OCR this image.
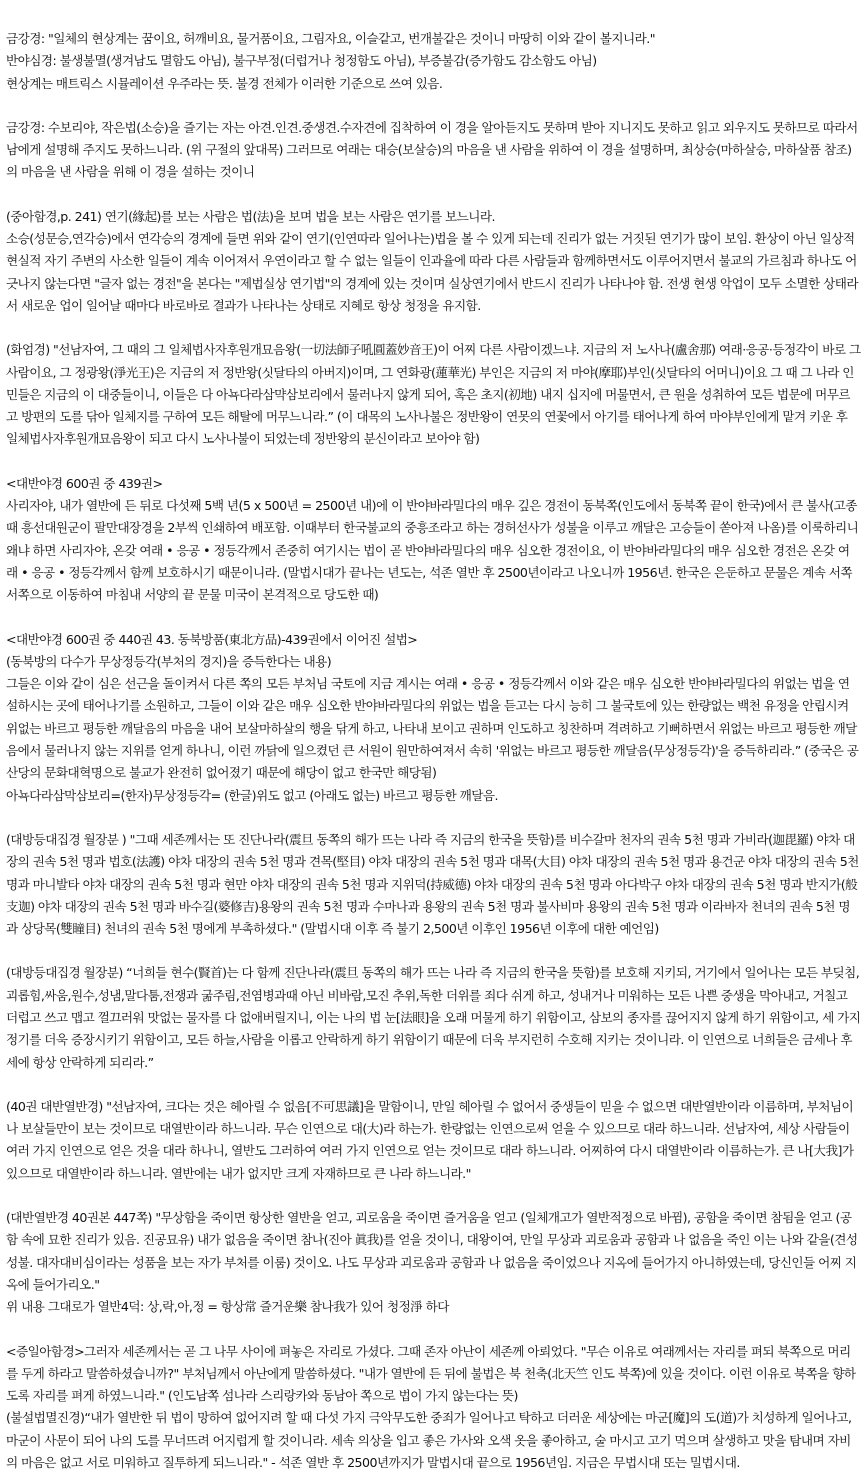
금강경: "일체의 현상계는 꿈이요, 허깨비요, 물거품이요, 그림자요, 이슬같고, 번개불같은 것이니 마땅히 이와 같이 볼지니라."
반야심경: 불생불멸(생겨남도 멸함도 아님), 불구부정(더럽거나 청정함도 아님), 부증불감(증가함도 감소함도 아님)
현상계는 매트릭스 시뮬레이션 우주라는 뜻. 불경 전체가 이러한 기준으로 쓰여 있음.

금강경: 수보리야, 작은법(소승)을 즐기는 자는 아견.인견.중생견.수자견에 집착하여 이 경을 알아듣지도 못하며 받아 지니지도 못하고 읽고 외우지도 못하므로 따라서 남에게 설명해 주지도 못하느니라. (위 구절의 앞대목) 그러므로 여래는 대승(보살승)의 마음을 낸 사람을 위하여 이 경을 설명하며, 최상승(마하살승, 마하살품 참조)의 마음을 낸 사람을 위해 이 경을 설하는 것이니

(중아함경,p. 241) 연기(緣起)를 보는 사람은 법(法)을 보며 법을 보는 사람은 연기를 보느니라.
소승(성문승,연각승)에서 연각승의 경계에 들면 위와 같이 연기(인연따라 일어나는)법을 볼 수 있게 되는데 진리가 없는 거짓된 연기가 많이 보임. 환상이 아닌 일상적 현실적 자기 주변의 사소한 일들이 계속 이어져서 우연이라고 할 수 없는 일들이 인과율에 따라 다른 사람들과 함께하면서도 이루어지면서 불교의 가르침과 하나도 어긋나지 않는다면 "글자 없는 경전"을 본다는 "제법실상 연기법"의 경계에 있는 것이며 실상연기에서 반드시 진리가 나타나야 함. 전생 현생 악업이 모두 소멸한 상태라서 새로운 업이 일어날 때마다 바로바로 결과가 나타나는 상태로 지혜로 항상 청정을 유지함.

(화엄경) "선남자여, 그 때의 그 일체법사자후원개묘음왕(一切法師子吼圓蓋妙音王)이 어찌 다른 사람이겠느냐. 지금의 저 노사나(盧舍那) 여래·응공·등정각이 바로 그 사람이요, 그 정광왕(淨光王)은 지금의 저 정반왕(싯달타의 아버지)이며, 그 연화광(蓮華光) 부인은 지금의 저 마야(摩耶)부인(싯달타의 어머니)이요 그 때 그 나라 인민들은 지금의 이 대중들이니, 이들은 다 아뇩다라삼먁삼보리에서 물러나지 않게 되어, 혹은 초지(初地) 내지 십지에 머물면서, 큰 원을 성취하여 모든 법문에 머무르고 방편의 도를 닦아 일체지를 구하여 모든 해탈에 머무느니라.” (이 대목의 노사나불은 정반왕이 연못의 연꽃에서 아기를 태어나게 하여 마야부인에게 맡겨 키운 후 일체법사자후원개묘음왕이 되고 다시 노사나불이 되었는데 정반왕의 분신이라고 보아야 함)

<대반야경 600권 중 439권>
사리자야, 내가 열반에 든 뒤로 다섯째 5백 년(5 x 500년 = 2500년 내)에 이 반야바라밀다의 매우 깊은 경전이 동북쪽(인도에서 동북쪽 끝이 한국)에서 큰 불사(고종 때 흥선대원군이 팔만대장경을 2부씩 인쇄하여 배포함. 이때부터 한국불교의 중흥조라고 하는 경허선사가 성불을 이루고 깨달은 고승들이 쏟아져 나옴)를 이룩하리니 왜냐 하면 사리자야, 온갖 여래 • 응공 • 정등각께서 존중히 여기시는 법이 곧 반야바라밀다의 매우 심오한 경전이요, 이 반야바라밀다의 매우 심오한 경전은 온갖 여래 • 응공 • 정등각께서 함께 보호하시기 때문이니라. (말법시대가 끝나는 년도는, 석존 열반 후 2500년이라고 나오니까 1956년. 한국은 은둔하고 문물은 계속 서쪽 서쪽으로 이동하여 마침내 서양의 끝 문물 미국이 본격적으로 당도한 때)

<대반야경 600권 중 440권 43. 동북방품(東北方品)-439권에서 이어진 설법>
(동북방의 다수가 무상정등각(부처의 경지)을 증득한다는 내용)
그들은 이와 같이 심은 선근을 돌이켜서 다른 쪽의 모든 부처님 국토에 지금 계시는 여래 • 응공 • 정등각께서 이와 같은 매우 심오한 반야바라밀다의 위없는 법을 연설하시는 곳에 태어나기를 소원하고, 그들이 이와 같은 매우 심오한 반야바라밀다의 위없는 법을 듣고는 다시 능히 그 불국토에 있는 한량없는 백천 유정을 안립시켜 위없는 바르고 평등한 깨달음의 마음을 내어 보살마하살의 행을 닦게 하고, 나타내 보이고 권하며 인도하고 칭찬하며 격려하고 기뻐하면서 위없는 바르고 평등한 깨달음에서 물러나지 않는 지위를 얻게 하나니, 이런 까닭에 일으켰던 큰 서원이 원만하여져서 속히 '위없는 바르고 평등한 깨달음(무상정등각)'을 증득하리라.” (중국은 공산당의 문화대혁명으로 불교가 완전히 없어졌기 때문에 해당이 없고 한국만 해당됨)
아뇩다라삼막삼보리=(한자)무상정등각= (한글)위도 없고 (아래도 없는) 바르고 평등한 깨달음.

(대방등대집경 월장분 ) "그때 세존께서는 또 진단나라(震旦 동쪽의 해가 뜨는 나라 즉 지금의 한국을 뜻함)를 비수갈마 천자의 권속 5천 명과 가비라(迦毘羅) 야차 대장의 권속 5천 명과 법호(法護) 야차 대장의 권속 5천 명과 견목(堅目) 야차 대장의 권속 5천 명과 대목(大目) 야차 대장의 권속 5천 명과 용건군 야차 대장의 권속 5천 명과 마니발타 야차 대장의 권속 5천 명과 현만 야차 대장의 권속 5천 명과 지위덕(持威德) 야차 대장의 권속 5천 명과 아다박구 야차 대장의 권속 5천 명과 반지가(般支迦) 야차 대장의 권속 5천 명과 바수길(婆修吉)용왕의 권속 5천 명과 수마나과 용왕의 권속 5천 명과 불사비마 용왕의 권속 5천 명과 이라바자 천녀의 권속 5천 명과 상당목(雙瞳目) 천녀의 권속 5천 명에게 부촉하셨다." (말법시대 이후 즉 불기 2,500년 이후인 1956년 이후에 대한 예언임)

(대방등대집경 월장분) “너희들 현수(賢首)는 다 함께 진단나라(震旦 동쪽의 해가 뜨는 나라 즉 지금의 한국을 뜻함)를 보호해 지키되, 거기에서 일어나는 모든 부딪침,괴롭힘,싸움,원수,성냄,말다툼,전쟁과 굶주림,전염병과때 아닌 비바람,모진 추위,독한 더위를 죄다 쉬게 하고, 성내거나 미워하는 모든 나쁜 중생을 막아내고, 거칠고 더럽고 쓰고 맵고 껄끄러워 맛없는 물자를 다 없애버릴지니, 이는 나의 법 눈[法眼]을 오래 머물게 하기 위함이고, 삼보의 종자를 끊어지지 않게 하기 위함이고, 세 가지 정기를 더욱 증장시키기 위함이고, 모든 하늘,사람을 이롭고 안락하게 하기 위함이기 때문에 더욱 부지런히 수호해 지키는 것이니라. 이 인연으로 너희들은 금세나 후세에 항상 안락하게 되리라.”

(40권 대반열반경) "선남자여, 크다는 것은 헤아릴 수 없음[不可思議]을 말함이니, 만일 헤아릴 수 없어서 중생들이 믿을 수 없으면 대반열반이라 이름하며, 부처님이나 보살들만이 보는 것이므로 대열반이라 하느니라. 무슨 인연으로 대(大)라 하는가. 한량없는 인연으로써 얻을 수 있으므로 대라 하느니라. 선남자여, 세상 사람들이 여러 가지 인연으로 얻은 것을 대라 하나니, 열반도 그러하여 여러 가지 인연으로 얻는 것이므로 대라 하느니라. 어찌하여 다시 대열반이라 이름하는가. 큰 나[大我]가 있으므로 대열반이라 하느니라. 열반에는 내가 없지만 크게 자재하므로 큰 나라 하느니라."

(대반열반경 40권본 447쪽) "무상함을 죽이면 항상한 열반을 얻고, 괴로움을 죽이면 즐거움을 얻고 (일체개고가 열반적정으로 바뀜), 공함을 죽이면 참됨을 얻고 (공함 속에 묘한 진리가 있음. 진공묘유) 내가 없음을 죽이면 참나(진아 眞我)를 얻을 것이니, 대왕이여, 만일 무상과 괴로움과 공함과 나 없음을 죽인 이는 나와 같을(견성성불. 대자대비심이라는 성품을 보는 자가 부처를 이룸) 것이오. 나도 무상과 괴로움과 공함과 나 없음을 죽이었으나 지옥에 들어가지 아니하였는데, 당신인들 어찌 지옥에 들어가리오."
위 내용 그대로가 열반4덕: 상,락,아,정 = 항상常 즐거운樂 참나我가 있어 청정淨 하다

<증일아함경>그러자 세존께서는 곧 그 나무 사이에 펴놓은 자리로 가셨다. 그때 존자 아난이 세존께 아뢰었다. "무슨 이유로 여래께서는 자리를 펴되 북쪽으로 머리를 두게 하라고 말씀하셨습니까?" 부처님께서 아난에게 말씀하셨다. "내가 열반에 든 뒤에 불법은 북 천축(北天竺 인도 북쪽)에 있을 것이다. 이런 이유로 북쪽을 향하도록 자리를 펴게 하였느니라." (인도남쪽 섬나라 스리랑카와 동남아 쪽으로 법이 가지 않는다는 뜻)
(불설법멸진경)“내가 열반한 뒤 법이 망하여 없어지려 할 때 다섯 가지 극악무도한 중죄가 일어나고 탁하고 더러운 세상에는 마군[魔]의 도(道)가 치성하게 일어나고, 마군이 사문이 되어 나의 도를 무너뜨려 어지럽게 할 것이니라. 세속 의상을 입고 좋은 가사와 오색 옷을 좋아하고, 술 마시고 고기 먹으며 살생하고 맛을 탐내며 자비의 마음은 없고 서로 미워하고 질투하게 되느니라." - 석존 열반 후 2500년까지가 말법시대 끝으로 1956년임. 지금은 무법시대 또는 밀법시대.
